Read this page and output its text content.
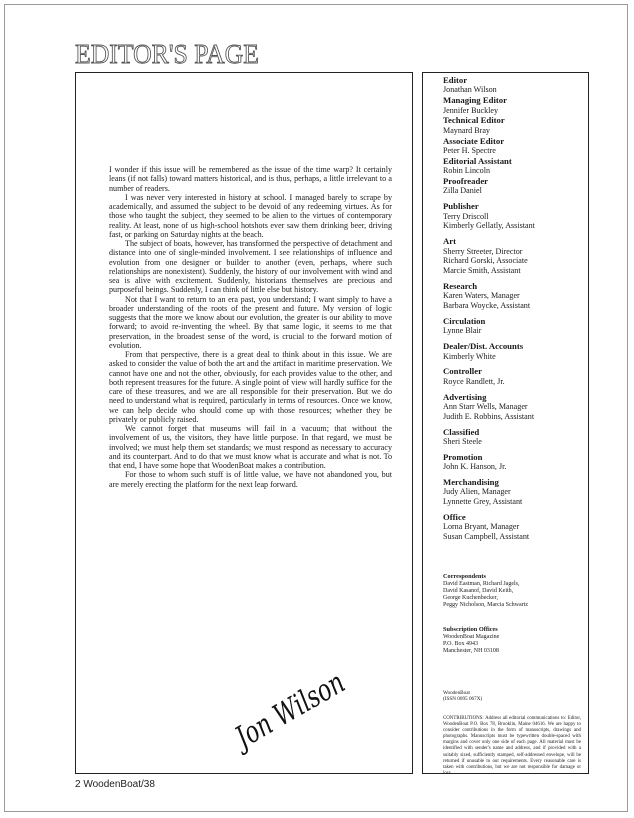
EDITOR'S PAGE

I wonder if this issue will be remembered as the issue of the time warp? It certainly leans (if not falls) toward matters historical, and is thus, perhaps, a little irrelevant to a number of readers.

I was never very interested in history at school. I managed barely to scrape by academically, and assumed the subject to be devoid of any redeeming virtues. As for those who taught the subject, they seemed to be alien to the virtues of contemporary reality. At least, none of us high-school hotshots ever saw them drinking beer, driving fast, or parking on Saturday nights at the beach.

The subject of boats, however, has transformed the perspective of detachment and distance into one of single-minded involvement. I see relationships of influence and evolution from one designer or builder to another (even, perhaps, where such relationships are nonexistent). Suddenly, the history of our involvement with wind and sea is alive with excitement. Suddenly, historians themselves are precious and purposeful beings. Suddenly, I can think of little else but history.

Not that I want to return to an era past, you understand; I want simply to have a broader understanding of the roots of the present and future. My version of logic suggests that the more we know about our evolution, the greater is our ability to move forward; to avoid re-inventing the wheel. By that same logic, it seems to me that preservation, in the broadest sense of the word, is crucial to the forward motion of evolution.

From that perspective, there is a great deal to think about in this issue. We are asked to consider the value of both the art and the artifact in maritime preservation. We cannot have one and not the other, obviously, for each provides value to the other, and both represent treasures for the future. A single point of view will hardly suffice for the care of these treasures, and we are all responsible for their preservation. But we do need to understand what is required, particularly in terms of resources. Once we know, we can help decide who should come up with those resources; whether they be privately or publicly raised.

We cannot forget that museums will fail in a vacuum; that without the involvement of us, the visitors, they have little purpose. In that regard, we must be involved; we must help them set standards; we must respond as necessary to accuracy and its counterpart. And to do that we must know what is accurate and what is not. To that end, I have some hope that WoodenBoat makes a contribution.

For those to whom such stuff is of little value, we have not abandoned you, but are merely erecting the platform for the next leap forward.

Jon Wilson
Editor
Jonathan Wilson
Managing Editor
Jennifer Buckley
Technical Editor
Maynard Bray
Associate Editor
Peter H. Spectre
Editorial Assistant
Robin Lincoln
Proofreader
Zilla Daniel
Publisher
Terry Driscoll
Kimberly Gellatly, Assistant
Art
Sherry Streeter, Director
Richard Gorski, Associate
Marcie Smith, Assistant
Research
Karen Waters, Manager
Barbara Woycke, Assistant
Circulation
Lynne Blair
Dealer/Dist. Accounts
Kimberly White
Controller
Royce Randlett, Jr.
Advertising
Ann Starr Wells, Manager
Judith E. Robbins, Assistant
Classified
Sheri Steele
Promotion
John K. Hanson, Jr.
Merchandising
Judy Alien, Manager
Lynnette Grey, Assistant
Office
Lorna Bryant, Manager
Susan Campbell, Assistant
Correspondents
David Eastman, Richard Jagels,
David Kasanof, David Keith,
George Kuchenbecker,
Peggy Nicholson, Marcia Schwartz
Subscription Offices
WoodenBoat Magazine
P.O. Box 4943
Manchester, NH 03108
WoodenBoat
(ISSN 0095 067X)
CONTRIBUTIONS: Address all editorial communications to: Editor, WoodenBoat P.O. Box 78, Brooklin, Maine 04616. We are happy to consider contributions in the form of manuscripts, drawings and photographs. Manuscripts must be typewritten double-spaced with margins and cover only one side of each page. All material must be identified with sender's name and address, and if provided with a suitably sized, sufficiently stamped, self-addressed envelope, will be returned if unusable to our requirements. Every reasonable care is taken with contributions, but we are not responsible for damage or loss.
2 WoodenBoat/38
